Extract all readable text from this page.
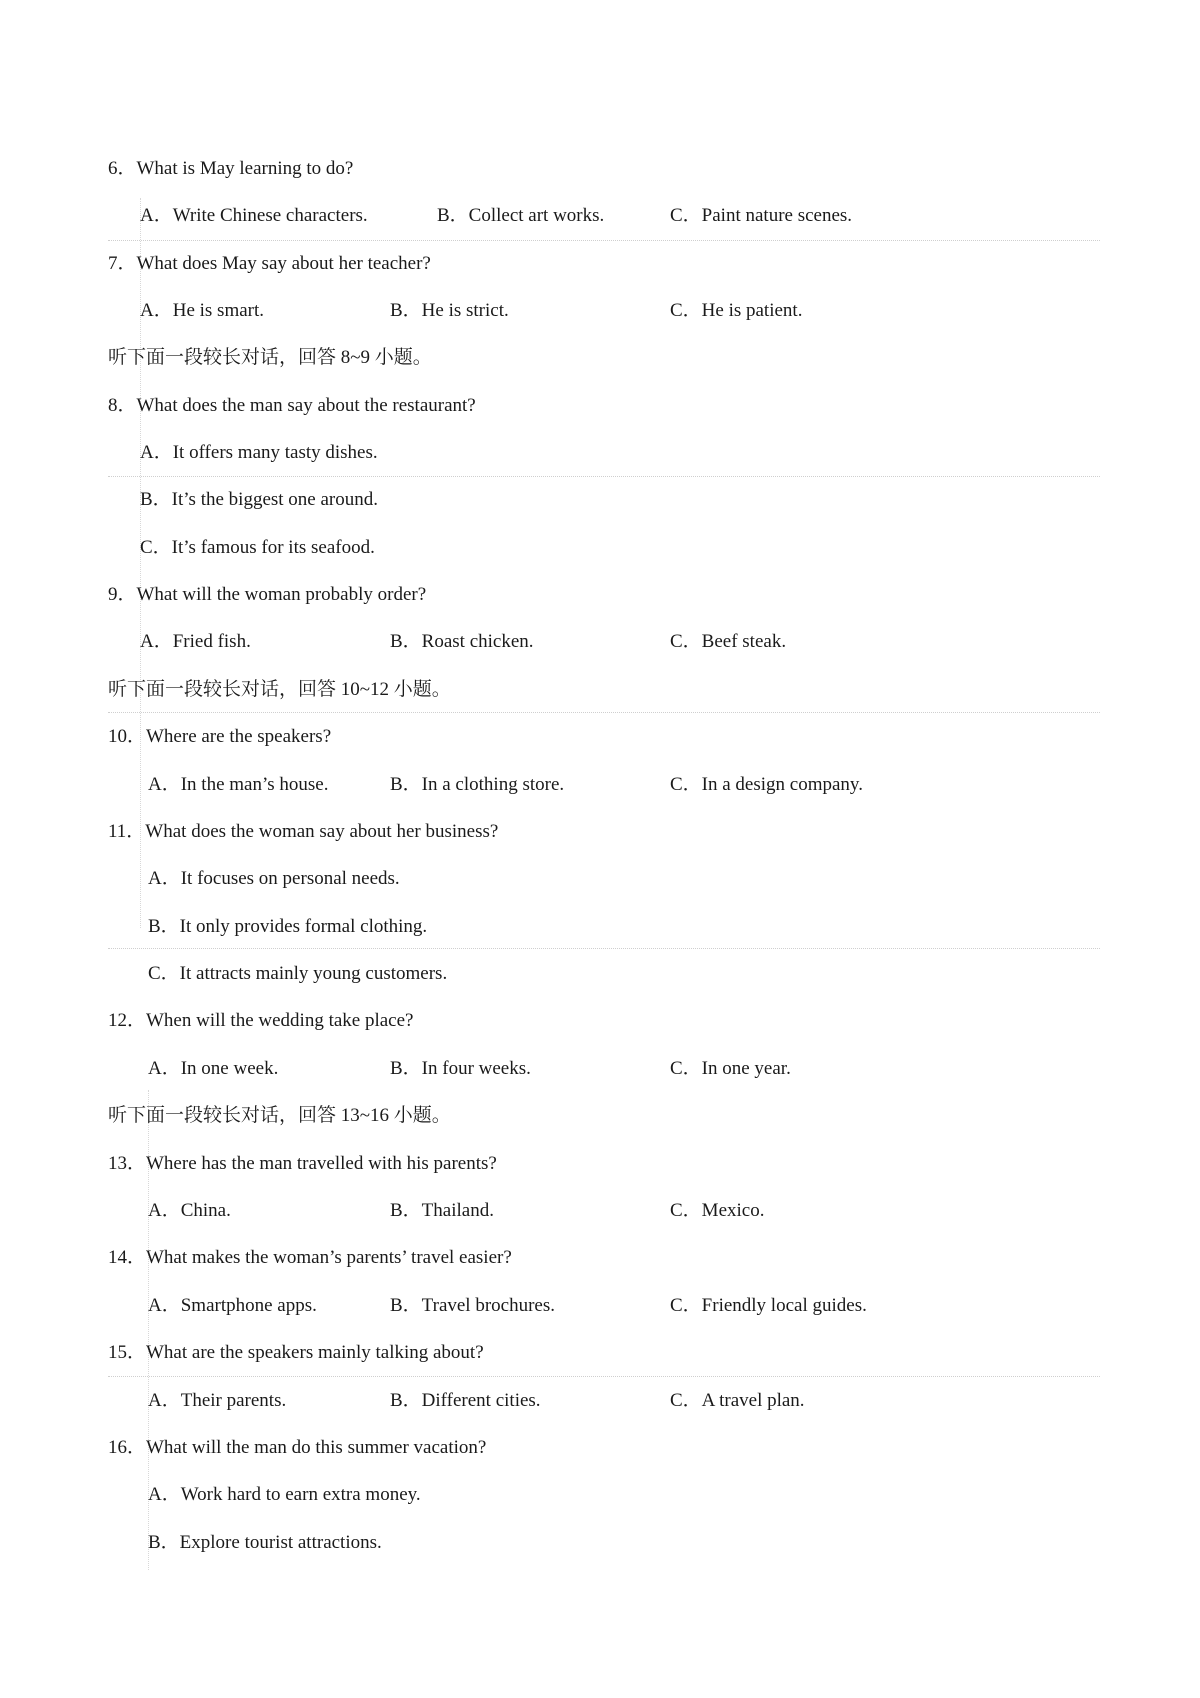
6．What is May learning to do?
A．Write Chinese characters.	B．Collect art works.	C．Paint nature scenes.
7．What does May say about her teacher?
A．He is smart.	B．He is strict.	C．He is patient.
听下面一段较长对话，回答 8~9 小题。
8．What does the man say about the restaurant?
A．It offers many tasty dishes.
B．It’s the biggest one around.
C．It’s famous for its seafood.
9．What will the woman probably order?
A．Fried fish.	B．Roast chicken.	C．Beef steak.
听下面一段较长对话，回答 10~12 小题。
10．Where are the speakers?
A．In the man’s house.	B．In a clothing store.	C．In a design company.
11．What does the woman say about her business?
A．It focuses on personal needs.
B．It only provides formal clothing.
C．It attracts mainly young customers.
12．When will the wedding take place?
A．In one week.	B．In four weeks.	C．In one year.
听下面一段较长对话，回答 13~16 小题。
13．Where has the man travelled with his parents?
A．China.	B．Thailand.	C．Mexico.
14．What makes the woman’s parents’ travel easier?
A．Smartphone apps.	B．Travel brochures.	C．Friendly local guides.
15．What are the speakers mainly talking about?
A．Their parents.	B．Different cities.	C．A travel plan.
16．What will the man do this summer vacation?
A．Work hard to earn extra money.
B．Explore tourist attractions.
